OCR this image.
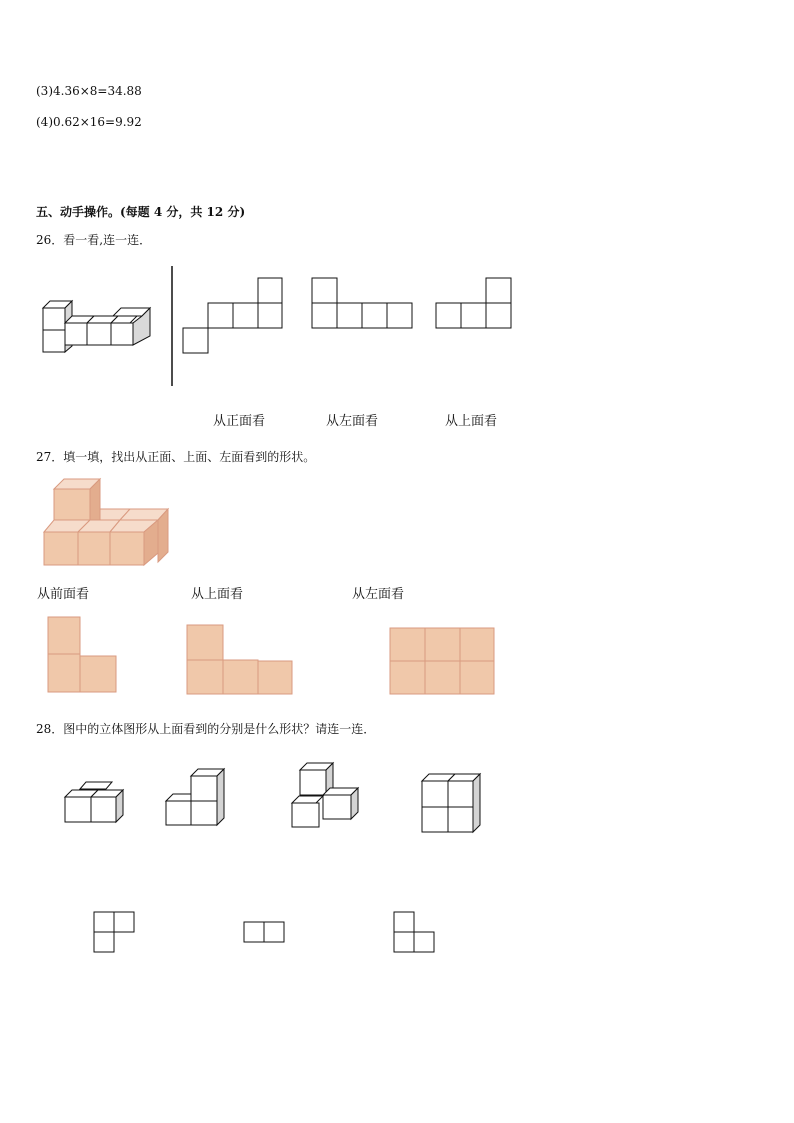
(3)4.36×8=34.88
(4)0.62×16=9.92
五、动手操作。(每题 4 分，共 12 分)
26．看一看,连一连．
从正面看	从左面看	从上面看
27．填一填，找出从正面、上面、左面看到的形状。
从前面看	从上面看	从左面看
28．图中的立体图形从上面看到的分别是什么形状？请连一连．
